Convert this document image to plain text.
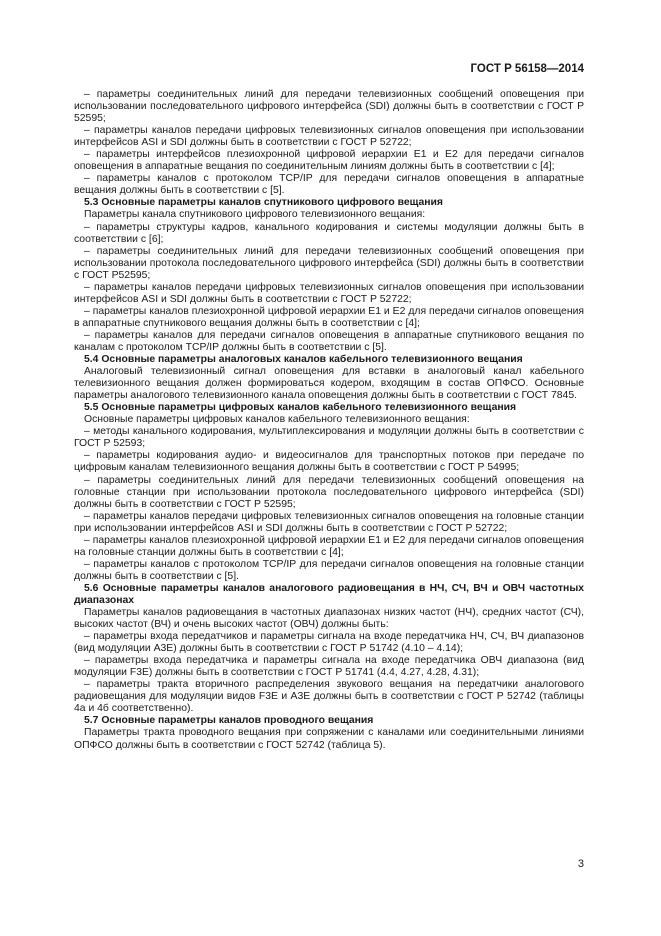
ГОСТ Р 56158—2014

– параметры соединительных линий для передачи телевизионных сообщений оповещения при использовании последовательного цифрового интерфейса (SDI) должны быть в соответствии с ГОСТ Р 52595;

– параметры каналов передачи цифровых телевизионных сигналов оповещения при использовании интерфейсов ASI и SDI должны быть в соответствии с ГОСТ Р 52722;

– параметры интерфейсов плезиохронной цифровой иерархии Е1 и Е2 для передачи сигналов оповещения в аппаратные вещания по соединительным линиям должны быть в соответствии с [4];

– параметры каналов с протоколом TCP/IP для передачи сигналов оповещения в аппаратные вещания должны быть в соответствии с [5].

5.3 Основные параметры каналов спутникового цифрового вещания

Параметры канала спутникового цифрового телевизионного вещания:

– параметры структуры кадров, канального кодирования и системы модуляции должны быть в соответствии с [6];

– параметры соединительных линий для передачи телевизионных сообщений оповещения при использовании протокола последовательного цифрового интерфейса (SDI) должны быть в соответствии с ГОСТ Р52595;

– параметры каналов передачи цифровых телевизионных сигналов оповещения при использовании интерфейсов ASI и SDI должны быть в соответствии с ГОСТ Р 52722;

– параметры каналов плезиохронной цифровой иерархии Е1 и Е2 для передачи сигналов оповещения в аппаратные спутникового вещания должны быть в соответствии с [4];

– параметры каналов для передачи сигналов оповещения в аппаратные спутникового вещания по каналам с протоколом TCP/IP должны быть в соответствии с [5].

5.4 Основные параметры аналоговых каналов кабельного телевизионного вещания

Аналоговый телевизионный сигнал оповещения для вставки в аналоговый канал кабельного телевизионного вещания должен формироваться кодером, входящим в состав ОПФСО. Основные параметры аналогового телевизионного канала оповещения должны быть в соответствии с ГОСТ 7845.

5.5 Основные параметры цифровых каналов кабельного телевизионного вещания

Основные параметры цифровых каналов кабельного телевизионного вещания:

– методы канального кодирования, мультиплексирования и модуляции должны быть в соответствии с ГОСТ Р 52593;

– параметры кодирования аудио- и видеосигналов для транспортных потоков при передаче по цифровым каналам телевизионного вещания должны быть в соответствии с ГОСТ Р 54995;

– параметры соединительных линий для передачи телевизионных сообщений оповещения на головные станции при использовании протокола последовательного цифрового интерфейса (SDI) должны быть в соответствии с ГОСТ Р 52595;

– параметры каналов передачи цифровых телевизионных сигналов оповещения на головные станции при использовании интерфейсов ASI и SDI должны быть в соответствии с ГОСТ Р 52722;

– параметры каналов плезиохронной цифровой иерархии Е1 и Е2 для передачи сигналов оповещения на головные станции должны быть в соответствии с [4];

– параметры каналов с протоколом TCP/IP для передачи сигналов оповещения на головные станции должны быть в соответствии с [5].

5.6 Основные параметры каналов аналогового радиовещания в НЧ, СЧ, ВЧ и ОВЧ частотных диапазонах

Параметры каналов радиовещания в частотных диапазонах низких частот (НЧ), средних частот (СЧ), высоких частот (ВЧ) и очень высоких частот (ОВЧ) должны быть:

– параметры входа передатчиков и параметры сигнала на входе передатчика НЧ, СЧ, ВЧ диапазонов (вид модуляции A3E) должны быть в соответствии с ГОСТ Р 51742 (4.10 – 4.14);

– параметры входа передатчика и параметры сигнала на входе передатчика ОВЧ диапазона (вид модуляции F3E) должны быть в соответствии с ГОСТ Р 51741 (4.4, 4.27, 4.28, 4.31);

– параметры тракта вторичного распределения звукового вещания на передатчики аналогового радиовещания для модуляции видов F3E и A3E должны быть в соответствии с ГОСТ Р 52742 (таблицы 4а и 4б соответственно).

5.7 Основные параметры каналов проводного вещания

Параметры тракта проводного вещания при сопряжении с каналами или соединительными линиями ОПФСО должны быть в соответствии с ГОСТ 52742 (таблица 5).

3
